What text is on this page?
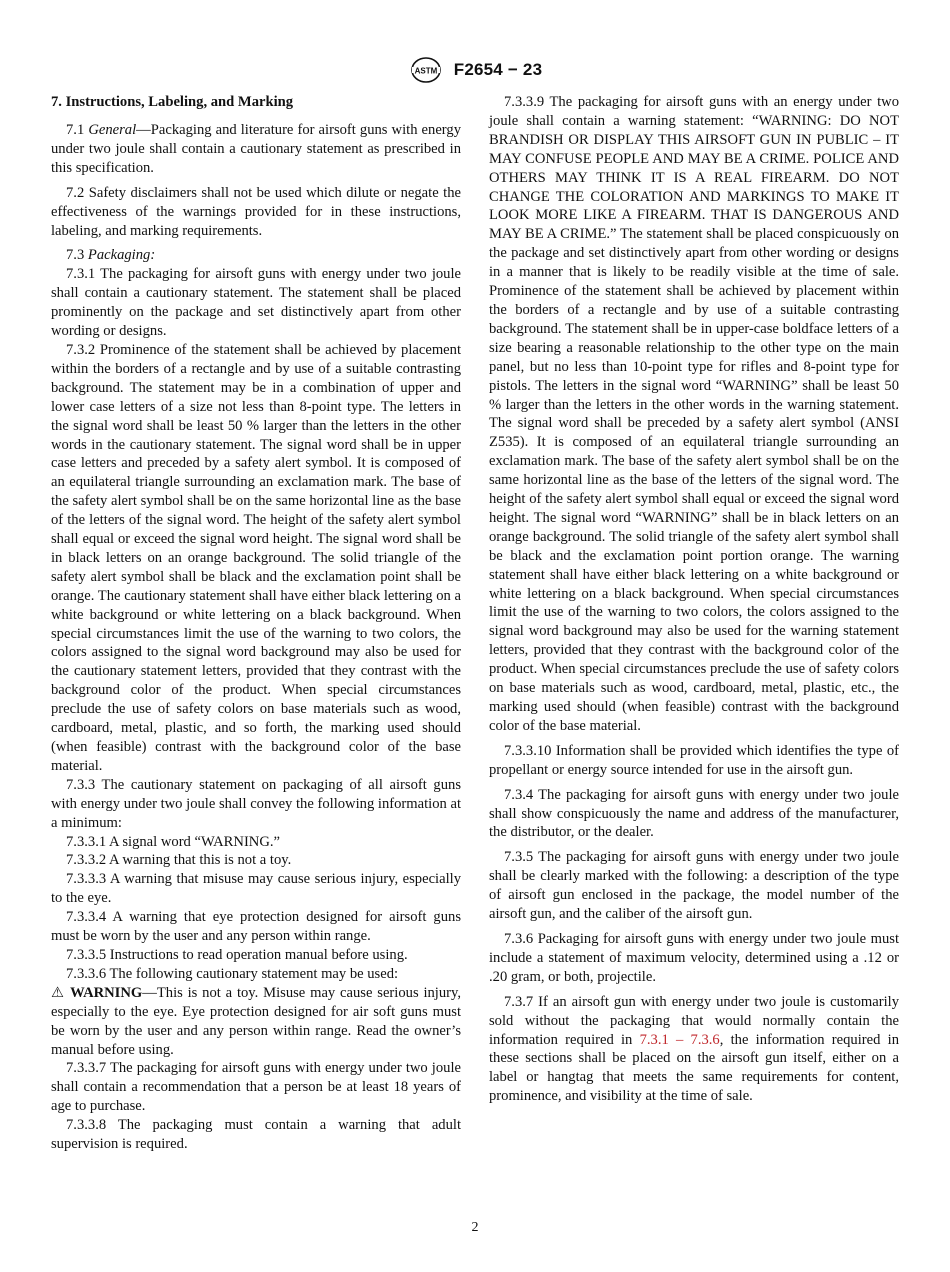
ASTM F2654 − 23
7. Instructions, Labeling, and Marking

7.1 General—Packaging and literature for airsoft guns with energy under two joule shall contain a cautionary statement as prescribed in this specification.

7.2 Safety disclaimers shall not be used which dilute or negate the effectiveness of the warnings provided for in these instructions, labeling, and marking requirements.

7.3 Packaging:

7.3.1 The packaging for airsoft guns with energy under two joule shall contain a cautionary statement. The statement shall be placed prominently on the package and set distinctively apart from other wording or designs.

7.3.2 Prominence of the statement shall be achieved by placement within the borders of a rectangle and by use of a suitable contrasting background. The statement may be in a combination of upper and lower case letters of a size not less than 8-point type. The letters in the signal word shall be least 50 % larger than the letters in the other words in the cautionary statement. The signal word shall be in upper case letters and preceded by a safety alert symbol. It is composed of an equilateral triangle surrounding an exclamation mark. The base of the safety alert symbol shall be on the same horizontal line as the base of the letters of the signal word. The height of the safety alert symbol shall equal or exceed the signal word height. The signal word shall be in black letters on an orange background. The solid triangle of the safety alert symbol shall be black and the exclamation point shall be orange. The cautionary statement shall have either black lettering on a white background or white lettering on a black background. When special circumstances limit the use of the warning to two colors, the colors assigned to the signal word background may also be used for the cautionary statement letters, provided that they contrast with the background color of the product. When special circumstances preclude the use of safety colors on base materials such as wood, cardboard, metal, plastic, and so forth, the marking used should (when feasible) contrast with the background color of the base material.

7.3.3 The cautionary statement on packaging of all airsoft guns with energy under two joule shall convey the following information at a minimum:

7.3.3.1 A signal word “WARNING.”

7.3.3.2 A warning that this is not a toy.

7.3.3.3 A warning that misuse may cause serious injury, especially to the eye.

7.3.3.4 A warning that eye protection designed for airsoft guns must be worn by the user and any person within range.

7.3.3.5 Instructions to read operation manual before using.

7.3.3.6 The following cautionary statement may be used:

⚠ WARNING—This is not a toy. Misuse may cause serious injury, especially to the eye. Eye protection designed for air soft guns must be worn by the user and any person within range. Read the owner’s manual before using.

7.3.3.7 The packaging for airsoft guns with energy under two joule shall contain a recommendation that a person be at least 18 years of age to purchase.

7.3.3.8 The packaging must contain a warning that adult supervision is required.

7.3.3.9 The packaging for airsoft guns with an energy under two joule shall contain a warning statement: “WARNING: DO NOT BRANDISH OR DISPLAY THIS AIRSOFT GUN IN PUBLIC – IT MAY CONFUSE PEOPLE AND MAY BE A CRIME. POLICE AND OTHERS MAY THINK IT IS A REAL FIREARM. DO NOT CHANGE THE COLORATION AND MARKINGS TO MAKE IT LOOK MORE LIKE A FIREARM. THAT IS DANGEROUS AND MAY BE A CRIME.” The statement shall be placed conspicuously on the package and set distinctively apart from other wording or designs in a manner that is likely to be readily visible at the time of sale. Prominence of the statement shall be achieved by placement within the borders of a rectangle and by use of a suitable contrasting background. The statement shall be in upper-case boldface letters of a size bearing a reasonable relationship to the other type on the main panel, but no less than 10-point type for rifles and 8-point type for pistols. The letters in the signal word “WARNING” shall be least 50 % larger than the letters in the other words in the warning statement. The signal word shall be preceded by a safety alert symbol (ANSI Z535). It is composed of an equilateral triangle surrounding an exclamation mark. The base of the safety alert symbol shall be on the same horizontal line as the base of the letters of the signal word. The height of the safety alert symbol shall equal or exceed the signal word height. The signal word “WARNING” shall be in black letters on an orange background. The solid triangle of the safety alert symbol shall be black and the exclamation point portion orange. The warning statement shall have either black lettering on a white background or white lettering on a black background. When special circumstances limit the use of the warning to two colors, the colors assigned to the signal word background may also be used for the warning statement letters, provided that they contrast with the background color of the product. When special circumstances preclude the use of safety colors on base materials such as wood, cardboard, metal, plastic, etc., the marking used should (when feasible) contrast with the background color of the base material.

7.3.3.10 Information shall be provided which identifies the type of propellant or energy source intended for use in the airsoft gun.

7.3.4 The packaging for airsoft guns with energy under two joule shall show conspicuously the name and address of the manufacturer, the distributor, or the dealer.

7.3.5 The packaging for airsoft guns with energy under two joule shall be clearly marked with the following: a description of the type of airsoft gun enclosed in the package, the model number of the airsoft gun, and the caliber of the airsoft gun.

7.3.6 Packaging for airsoft guns with energy under two joule must include a statement of maximum velocity, determined using a .12 or .20 gram, or both, projectile.

7.3.7 If an airsoft gun with energy under two joule is customarily sold without the packaging that would normally contain the information required in 7.3.1 – 7.3.6, the information required in these sections shall be placed on the airsoft gun itself, either on a label or hangtag that meets the same requirements for content, prominence, and visibility at the time of sale.

2
